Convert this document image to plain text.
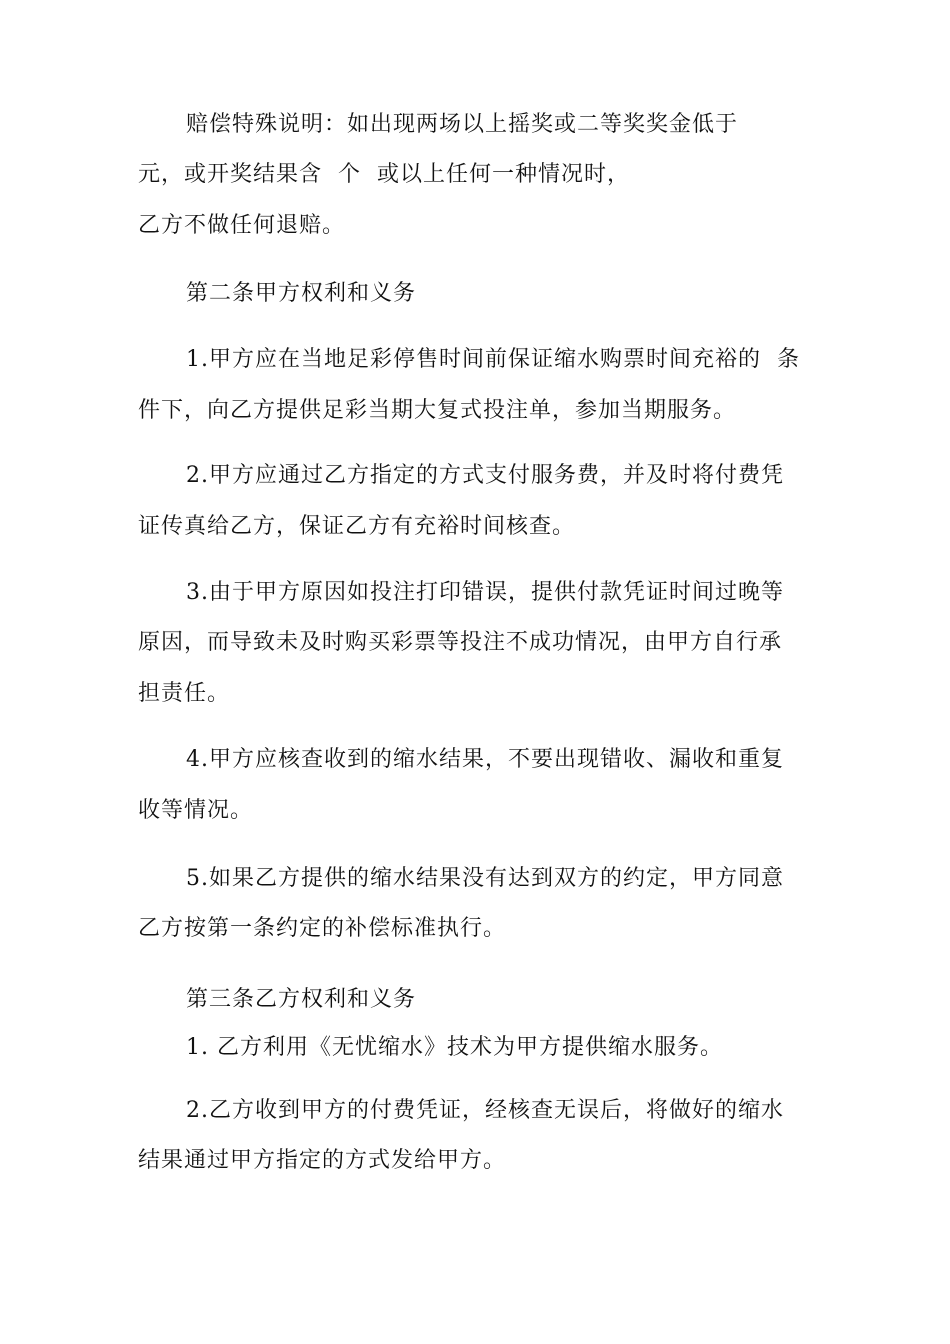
赔偿特殊说明：如出现两场以上摇奖或二等奖奖金低于
元，或开奖结果含  个  或以上任何一种情况时，
乙方不做任何退赔。
第二条甲方权利和义务
1.甲方应在当地足彩停售时间前保证缩水购票时间充裕的  条
件下，向乙方提供足彩当期大复式投注单，参加当期服务。
2.甲方应通过乙方指定的方式支付服务费，并及时将付费凭
证传真给乙方，保证乙方有充裕时间核查。
3.由于甲方原因如投注打印错误，提供付款凭证时间过晚等
原因，而导致未及时购买彩票等投注不成功情况，由甲方自行承
担责任。
4.甲方应核查收到的缩水结果，不要出现错收、漏收和重复
收等情况。
5.如果乙方提供的缩水结果没有达到双方的约定，甲方同意
乙方按第一条约定的补偿标准执行。
第三条乙方权利和义务
1. 乙方利用《无忧缩水》技术为甲方提供缩水服务。
2.乙方收到甲方的付费凭证，经核查无误后，将做好的缩水
结果通过甲方指定的方式发给甲方。
